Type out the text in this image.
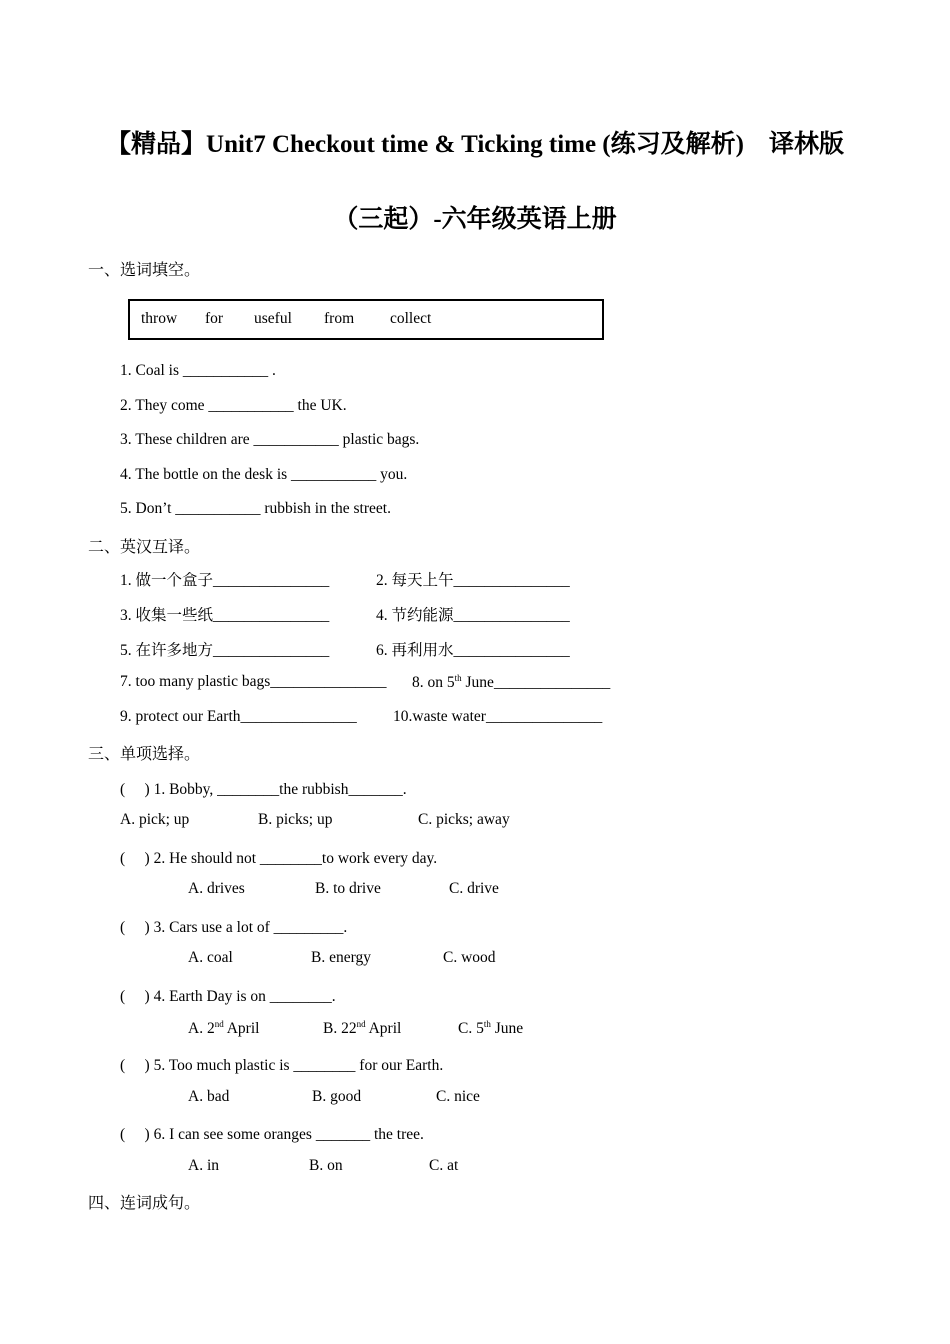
【精品】Unit7 Checkout time & Ticking time (练习及解析)　译林版
（三起）-六年级英语上册
一、选词填空。
throw for useful from collect
1. Coal is ___________ .
2. They come ___________ the UK.
3. These children are ___________ plastic bags.
4. The bottle on the desk is ___________ you.
5. Don’t ___________ rubbish in the street.
二、英汉互译。
1. 做一个盒子_______________	2. 每天上午_______________
3. 收集一些纸_______________	4. 节约能源_______________
5. 在许多地方_______________	6. 再利用水_______________
7. too many plastic bags_______________ 8. on 5th June_______________
9. protect our Earth_______________ 10.waste water_______________
三、单项选择。
(　 ) 1. Bobby, ________the rubbish_______.
A. pick; up	B. picks; up	C. picks; away
(　 ) 2. He should not ________to work every day.
A. drives	B. to drive	C. drive
(　 ) 3. Cars use a lot of _________.
A. coal	B. energy	C. wood
(　 ) 4. Earth Day is on ________.
A. 2nd April	B. 22nd April	C. 5th June
(　 ) 5. Too much plastic is ________ for our Earth.
A. bad	B. good	C. nice
(　 ) 6. I can see some oranges _______ the tree.
A. in	B. on	C. at
四、连词成句。
